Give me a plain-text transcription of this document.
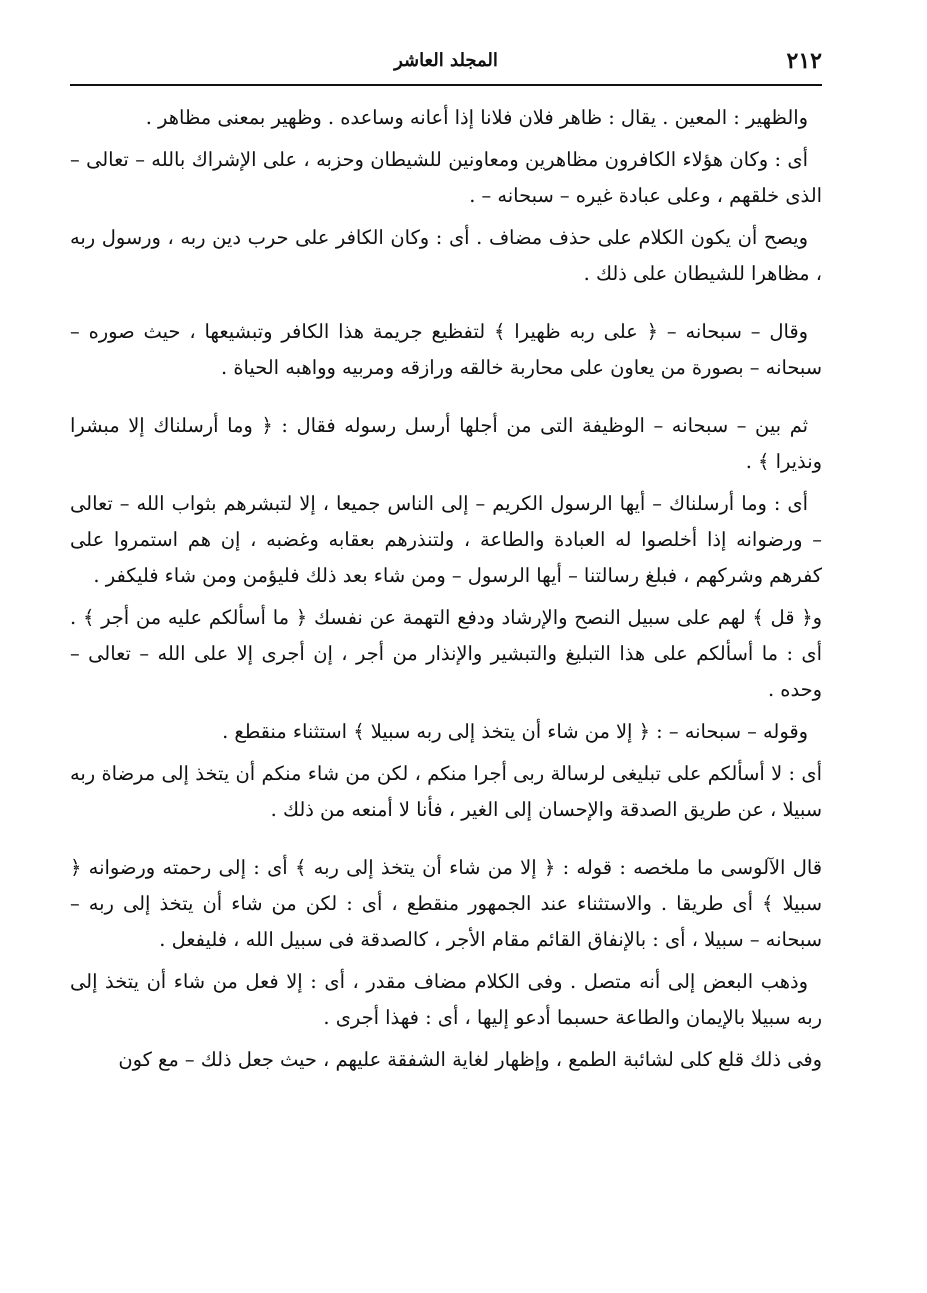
٢١٢
المجلد العاشر

والظهير : المعين . يقال : ظاهر فلان فلانا إذا أعانه وساعده . وظهير بمعنى مظاهر .

أى : وكان هؤلاء الكافرون مظاهرين ومعاونين للشيطان وحزبه ، على الإشراك بالله – تعالى – الذى خلقهم ، وعلى عبادة غيره – سبحانه – .

ويصح أن يكون الكلام على حذف مضاف . أى : وكان الكافر على حرب دين ربه ، ورسول ربه ، مظاهرا للشيطان على ذلك .

وقال – سبحانه – ﴿ على ربه ظهيرا ﴾ لتفظيع جريمة هذا الكافر وتبشيعها ، حيث صوره – سبحانه – بصورة من يعاون على محاربة خالقه ورازقه ومربيه وواهبه الحياة .

ثم بين – سبحانه – الوظيفة التى من أجلها أرسل رسوله فقال : ﴿ وما أرسلناك إلا مبشرا ونذيرا ﴾ .

أى : وما أرسلناك – أيها الرسول الكريم – إلى الناس جميعا ، إلا لتبشرهم بثواب الله – تعالى – ورضوانه إذا أخلصوا له العبادة والطاعة ، ولتنذرهم بعقابه وغضبه ، إن هم استمروا على كفرهم وشركهم ، فبلغ رسالتنا – أيها الرسول – ومن شاء بعد ذلك فليؤمن ومن شاء فليكفر .

و﴿ قل ﴾ لهم على سبيل النصح والإرشاد ودفع التهمة عن نفسك ﴿ ما أسألكم عليه من أجر ﴾ . أى : ما أسألكم على هذا التبليغ والتبشير والإنذار من أجر ، إن أجرى إلا على الله – تعالى – وحده .

وقوله – سبحانه – : ﴿ إلا من شاء أن يتخذ إلى ربه سبيلا ﴾ استثناء منقطع .

أى : لا أسألكم على تبليغى لرسالة ربى أجرا منكم ، لكن من شاء منكم أن يتخذ إلى مرضاة ربه سبيلا ، عن طريق الصدقة والإحسان إلى الغير ، فأنا لا أمنعه من ذلك .

قال الآلوسى ما ملخصه : قوله : ﴿ إلا من شاء أن يتخذ إلى ربه ﴾ أى : إلى رحمته ورضوانه ﴿ سبيلا ﴾ أى طريقا . والاستثناء عند الجمهور منقطع ، أى : لكن من شاء أن يتخذ إلى ربه – سبحانه – سبيلا ، أى : بالإنفاق القائم مقام الأجر ، كالصدقة فى سبيل الله ، فليفعل .

وذهب البعض إلى أنه متصل . وفى الكلام مضاف مقدر ، أى : إلا فعل من شاء أن يتخذ إلى ربه سبيلا بالإيمان والطاعة حسبما أدعو إليها ، أى : فهذا أجرى .

وفى ذلك قلع كلى لشائبة الطمع ، وإظهار لغاية الشفقة عليهم ، حيث جعل ذلك – مع كون
